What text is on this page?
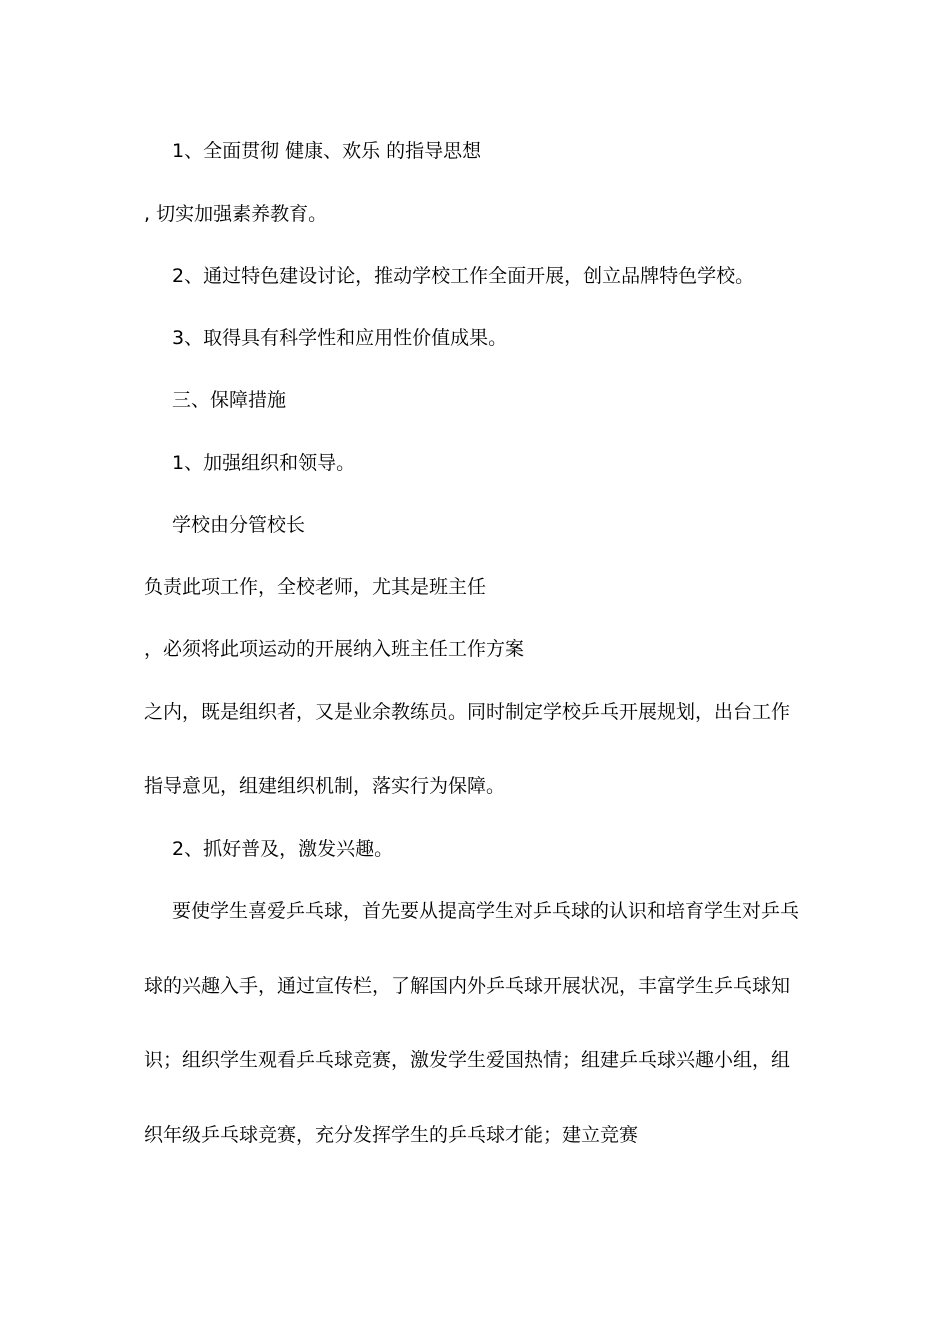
1、全面贯彻 健康、欢乐 的指导思想
, 切实加强素养教育。
2、通过特色建设讨论，推动学校工作全面开展，创立品牌特色学校。
3、取得具有科学性和应用性价值成果。
三、保障措施
1、加强组织和领导。
学校由分管校长
负责此项工作，全校老师，尤其是班主任
，必须将此项运动的开展纳入班主任工作方案
之内，既是组织者，又是业余教练员。同时制定学校乒乓开展规划，出台工作
指导意见，组建组织机制，落实行为保障。
2、抓好普及，激发兴趣。
要使学生喜爱乒乓球，首先要从提高学生对乒乓球的认识和培育学生对乒乓
球的兴趣入手，通过宣传栏，了解国内外乒乓球开展状况，丰富学生乒乓球知
识；组织学生观看乒乓球竞赛，激发学生爱国热情；组建乒乓球兴趣小组，组
织年级乒乓球竞赛，充分发挥学生的乒乓球才能；建立竞赛
